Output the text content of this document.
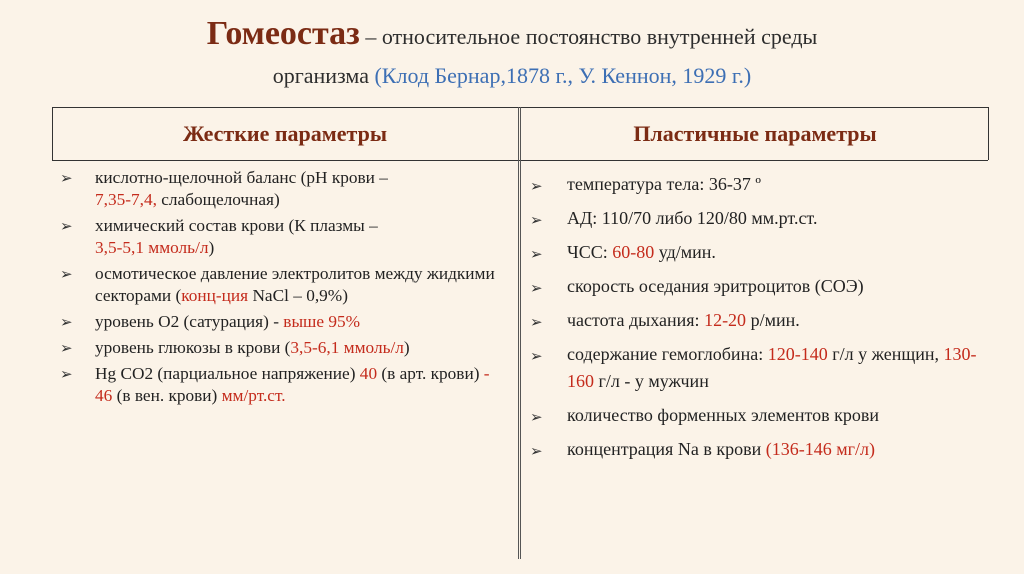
Гомеостаз – относительное постоянство внутренней среды
организма (Клод Бернар,1878 г., У. Кеннон, 1929 г.)
Жесткие параметры	Пластичные параметры
➢ кислотно-щелочной баланс (рН крови –
7,35-7,4, слабощелочная)
➢ химический состав крови (К плазмы –
3,5-5,1 ммоль/л)
➢ осмотическое давление электролитов между жидкими секторами (конц-ция NaCl – 0,9%)
➢ уровень О2 (сатурация) - выше 95%
➢ уровень глюкозы в крови (3,5-6,1 ммоль/л)
➢ Hg CO2 (парциальное напряжение) 40 (в арт. крови) - 46 (в вен. крови) мм/рт.ст.
➢ температура тела: 36-37 º
➢ АД: 110/70 либо 120/80 мм.рт.ст.
➢ ЧСС: 60-80 уд/мин.
➢ скорость оседания эритроцитов (СОЭ)
➢ частота дыхания: 12-20 р/мин.
➢ содержание гемоглобина: 120-140 г/л у женщин, 130-160 г/л - у мужчин
➢ количество форменных элементов крови
➢ концентрация Na в крови (136-146 мг/л)
